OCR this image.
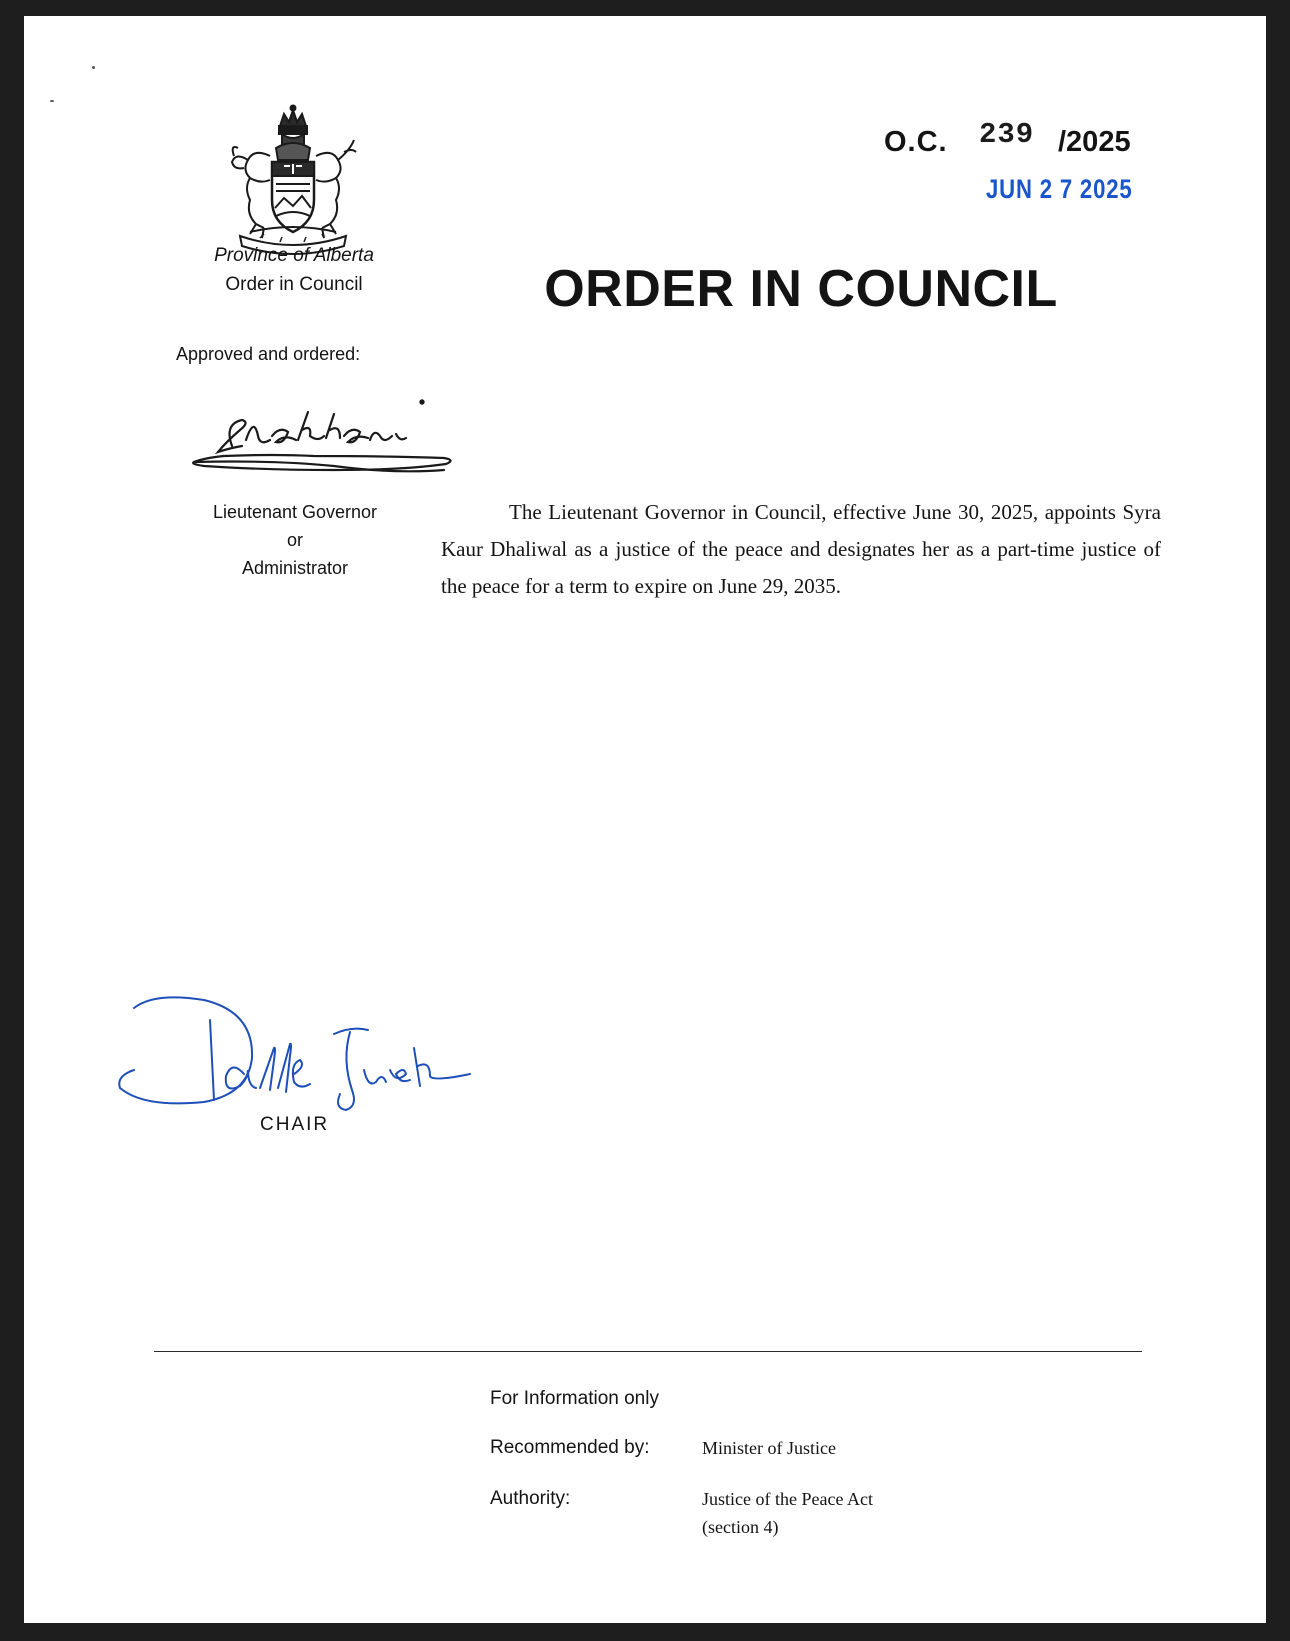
Province of Alberta
Order in Council
O.C. 239 /2025
JUN 2 7 2025
ORDER IN COUNCIL
Approved and ordered:
Lieutenant Governor
or
Administrator
The Lieutenant Governor in Council, effective June 30, 2025, appoints Syra Kaur Dhaliwal as a justice of the peace and designates her as a part-time justice of the peace for a term to expire on June 29, 2035.
CHAIR
For Information only
Recommended by:	Minister of Justice
Authority:	Justice of the Peace Act
(section 4)
